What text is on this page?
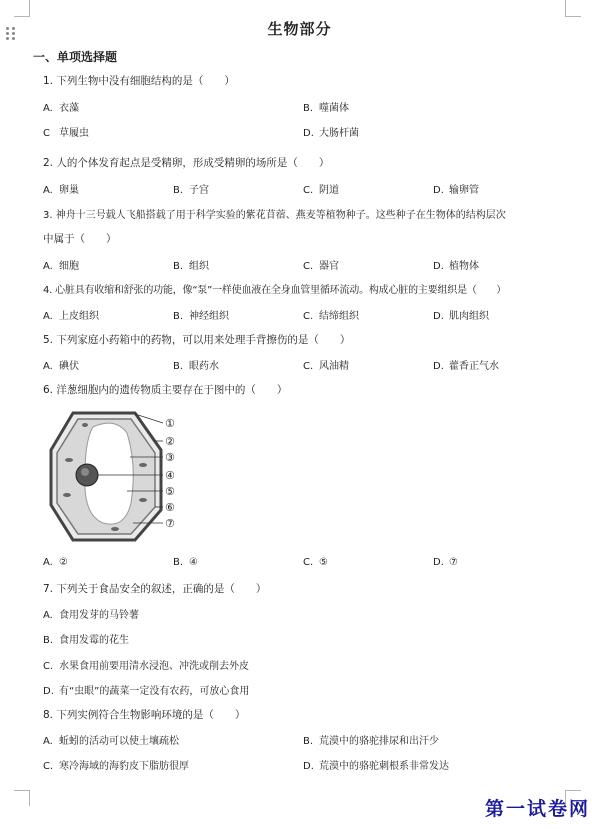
生物部分
一、单项选择题
1. 下列生物中没有细胞结构的是（　　）
A. 衣藻	B. 噬菌体
C 草履虫	D. 大肠杆菌
2. 人的个体发育起点是受精卵，形成受精卵的场所是（　　）
A. 卵巢	B. 子宫	C. 阴道	D. 输卵管
3. 神舟十三号载人飞船搭载了用于科学实验的紫花苜蓿、燕麦等植物种子。这些种子在生物体的结构层次
中属于（　　）
A. 细胞	B. 组织	C. 器官	D. 植物体
4. 心脏具有收缩和舒张的功能，像“泵”一样使血液在全身血管里循环流动。构成心脏的主要组织是（　　）
A. 上皮组织	B. 神经组织	C. 结缔组织	D. 肌肉组织
5. 下列家庭小药箱中的药物，可以用来处理手背擦伤的是（　　）
A. 碘伏	B. 眼药水	C. 风油精	D. 藿香正气水
6. 洋葱细胞内的遗传物质主要存在于图中的（　　）
①
②
③
④
⑤
⑥
⑦
A. ②	B. ④	C. ⑤	D. ⑦
7. 下列关于食品安全的叙述，正确的是（　　）
A. 食用发芽的马铃薯
B. 食用发霉的花生
C. 水果食用前要用清水浸泡、冲洗或削去外皮
D. 有“虫眼”的蔬菜一定没有农药，可放心食用
8. 下列实例符合生物影响环境的是（　　）
A. 蚯蚓的活动可以使土壤疏松	B. 荒漠中的骆驼排尿和出汗少
C. 寒冷海域的海豹皮下脂肪很厚	D. 荒漠中的骆驼刺根系非常发达
第一试卷网
